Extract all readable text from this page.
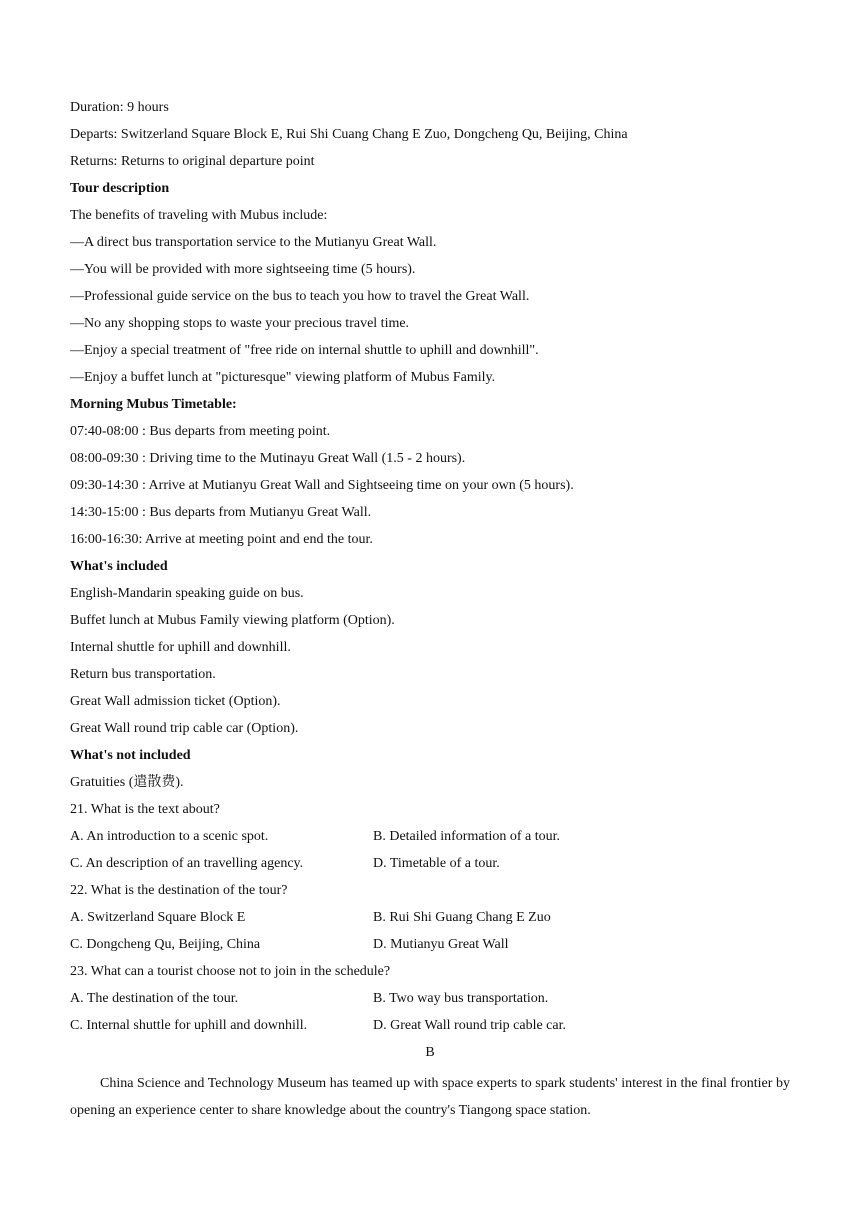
Duration: 9 hours
Departs: Switzerland Square Block E, Rui Shi Cuang Chang E Zuo, Dongcheng Qu, Beijing, China
Returns: Returns to original departure point
Tour description
The benefits of traveling with Mubus include:
—A direct bus transportation service to the Mutianyu Great Wall.
—You will be provided with more sightseeing time (5 hours).
—Professional guide service on the bus to teach you how to travel the Great Wall.
—No any shopping stops to waste your precious travel time.
—Enjoy a special treatment of "free ride on internal shuttle to uphill and downhill".
—Enjoy a buffet lunch at "picturesque" viewing platform of Mubus Family.
Morning Mubus Timetable:
07:40-08:00 : Bus departs from meeting point.
08:00-09:30 : Driving time to the Mutinayu Great Wall (1.5 - 2 hours).
09:30-14:30 : Arrive at Mutianyu Great Wall and Sightseeing time on your own (5 hours).
14:30-15:00 : Bus departs from Mutianyu Great Wall.
16:00-16:30: Arrive at meeting point and end the tour.
What's included
English-Mandarin speaking guide on bus.
Buffet lunch at Mubus Family viewing platform (Option).
Internal shuttle for uphill and downhill.
Return bus transportation.
Great Wall admission ticket (Option).
Great Wall round trip cable car (Option).
What's not included
Gratuities (遣散费).
21. What is the text about?
A. An introduction to a scenic spot.	B. Detailed information of a tour.
C. An description of an travelling agency.	D. Timetable of a tour.
22. What is the destination of the tour?
A. Switzerland Square Block E	B. Rui Shi Guang Chang E Zuo
C. Dongcheng Qu, Beijing, China	D. Mutianyu Great Wall
23. What can a tourist choose not to join in the schedule?
A. The destination of the tour.	B. Two way bus transportation.
C. Internal shuttle for uphill and downhill.	D. Great Wall round trip cable car.
B
China Science and Technology Museum has teamed up with space experts to spark students' interest in the final frontier by opening an experience center to share knowledge about the country's Tiangong space station.
